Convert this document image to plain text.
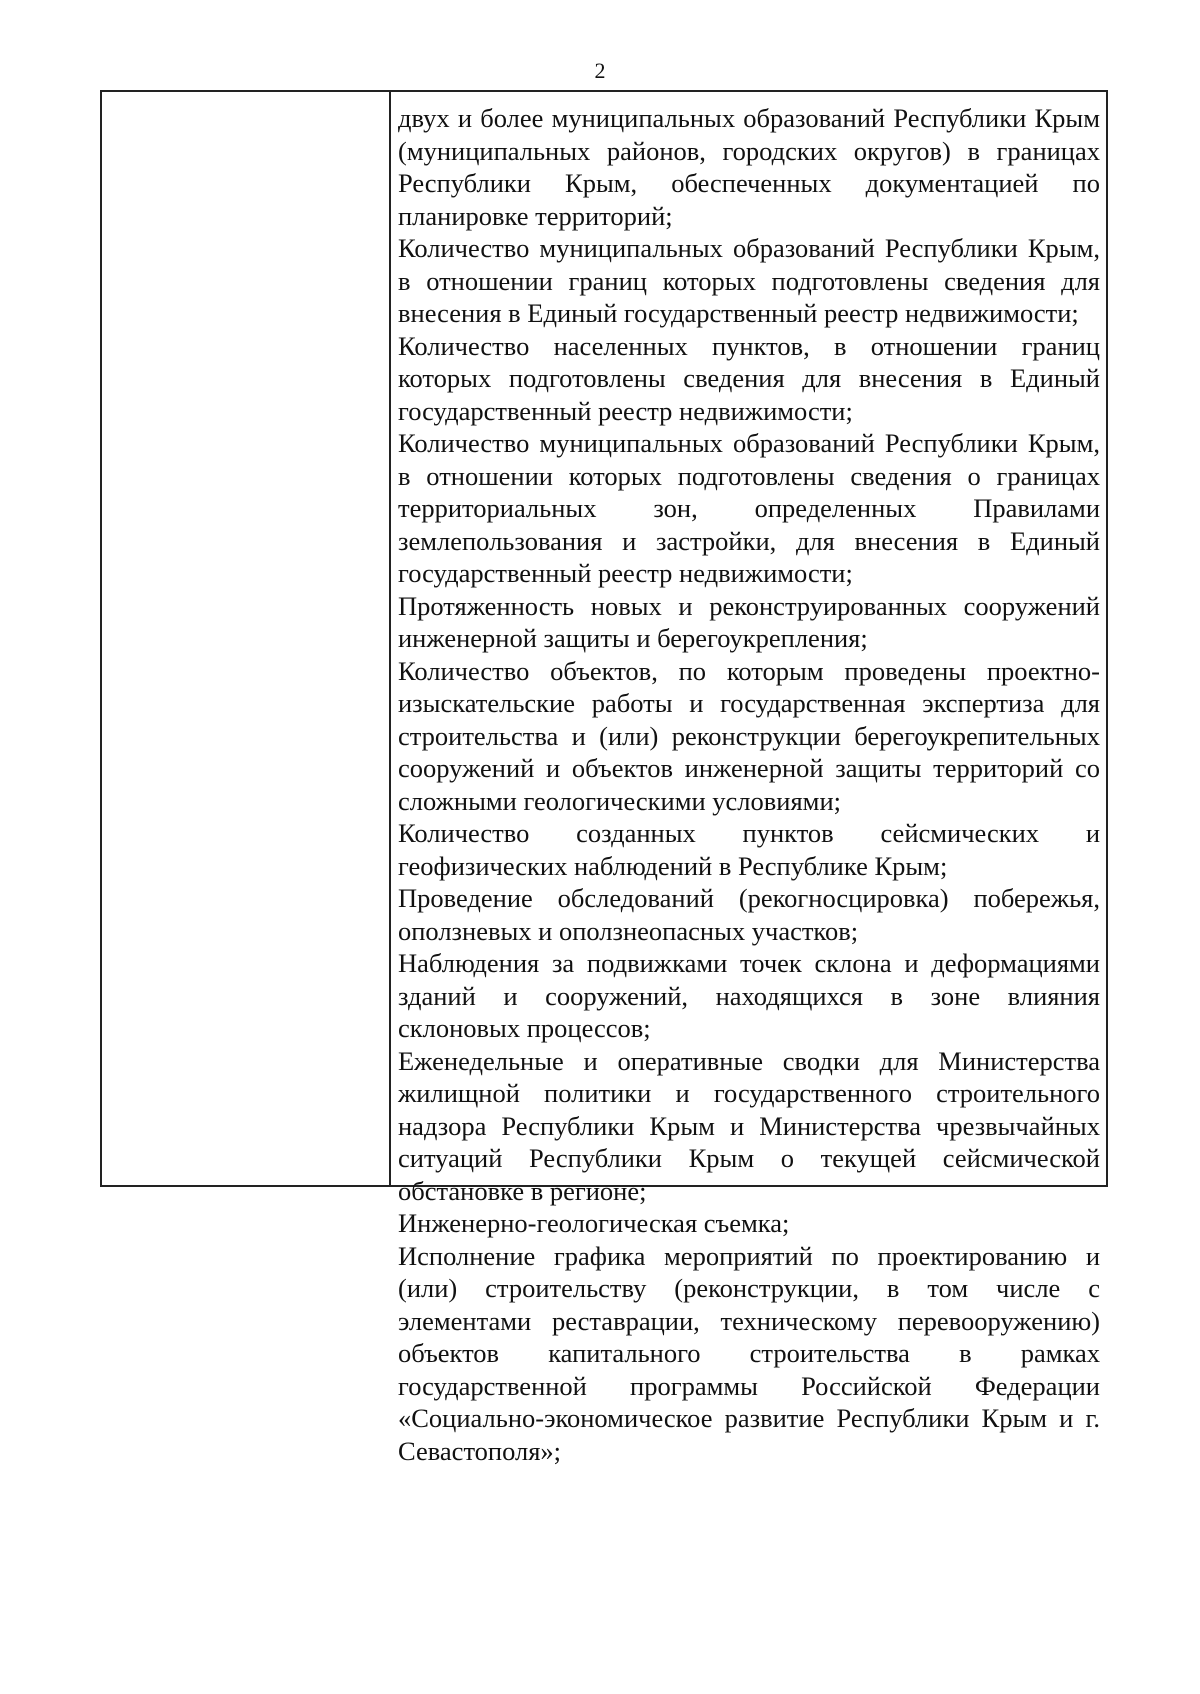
2

двух и более муниципальных образований Республики Крым (муниципальных районов, городских округов) в границах Республики Крым, обеспеченных документацией по планировке территорий;

Количество муниципальных образований Республики Крым, в отношении границ которых подготовлены сведения для внесения в Единый государственный реестр недвижимости;

Количество населенных пунктов, в отношении границ которых подготовлены сведения для внесения в Единый государственный реестр недвижимости;

Количество муниципальных образований Республики Крым, в отношении которых подготовлены сведения о границах территориальных зон, определенных Правилами землепользования и застройки, для внесения в Единый государственный реестр недвижимости;

Протяженность новых и реконструированных сооружений инженерной защиты и берегоукрепления;

Количество объектов, по которым проведены проектно-изыскательские работы и государственная экспертиза для строительства и (или) реконструкции берегоукрепительных сооружений и объектов инженерной защиты территорий со сложными геологическими условиями;

Количество созданных пунктов сейсмических и геофизических наблюдений в Республике Крым;

Проведение обследований (рекогносцировка) побережья, оползневых и оползнеопасных участков;

Наблюдения за подвижками точек склона и деформациями зданий и сооружений, находящихся в зоне влияния склоновых процессов;

Еженедельные и оперативные сводки для Министерства жилищной политики и государственного строительного надзора Республики Крым и Министерства чрезвычайных ситуаций Республики Крым о текущей сейсмической обстановке в регионе;

Инженерно-геологическая съемка;

Исполнение графика мероприятий по проектированию и (или) строительству (реконструкции, в том числе с элементами реставрации, техническому перевооружению) объектов капитального строительства в рамках государственной программы Российской Федерации «Социально-экономическое развитие Республики Крым и г. Севастополя»;
